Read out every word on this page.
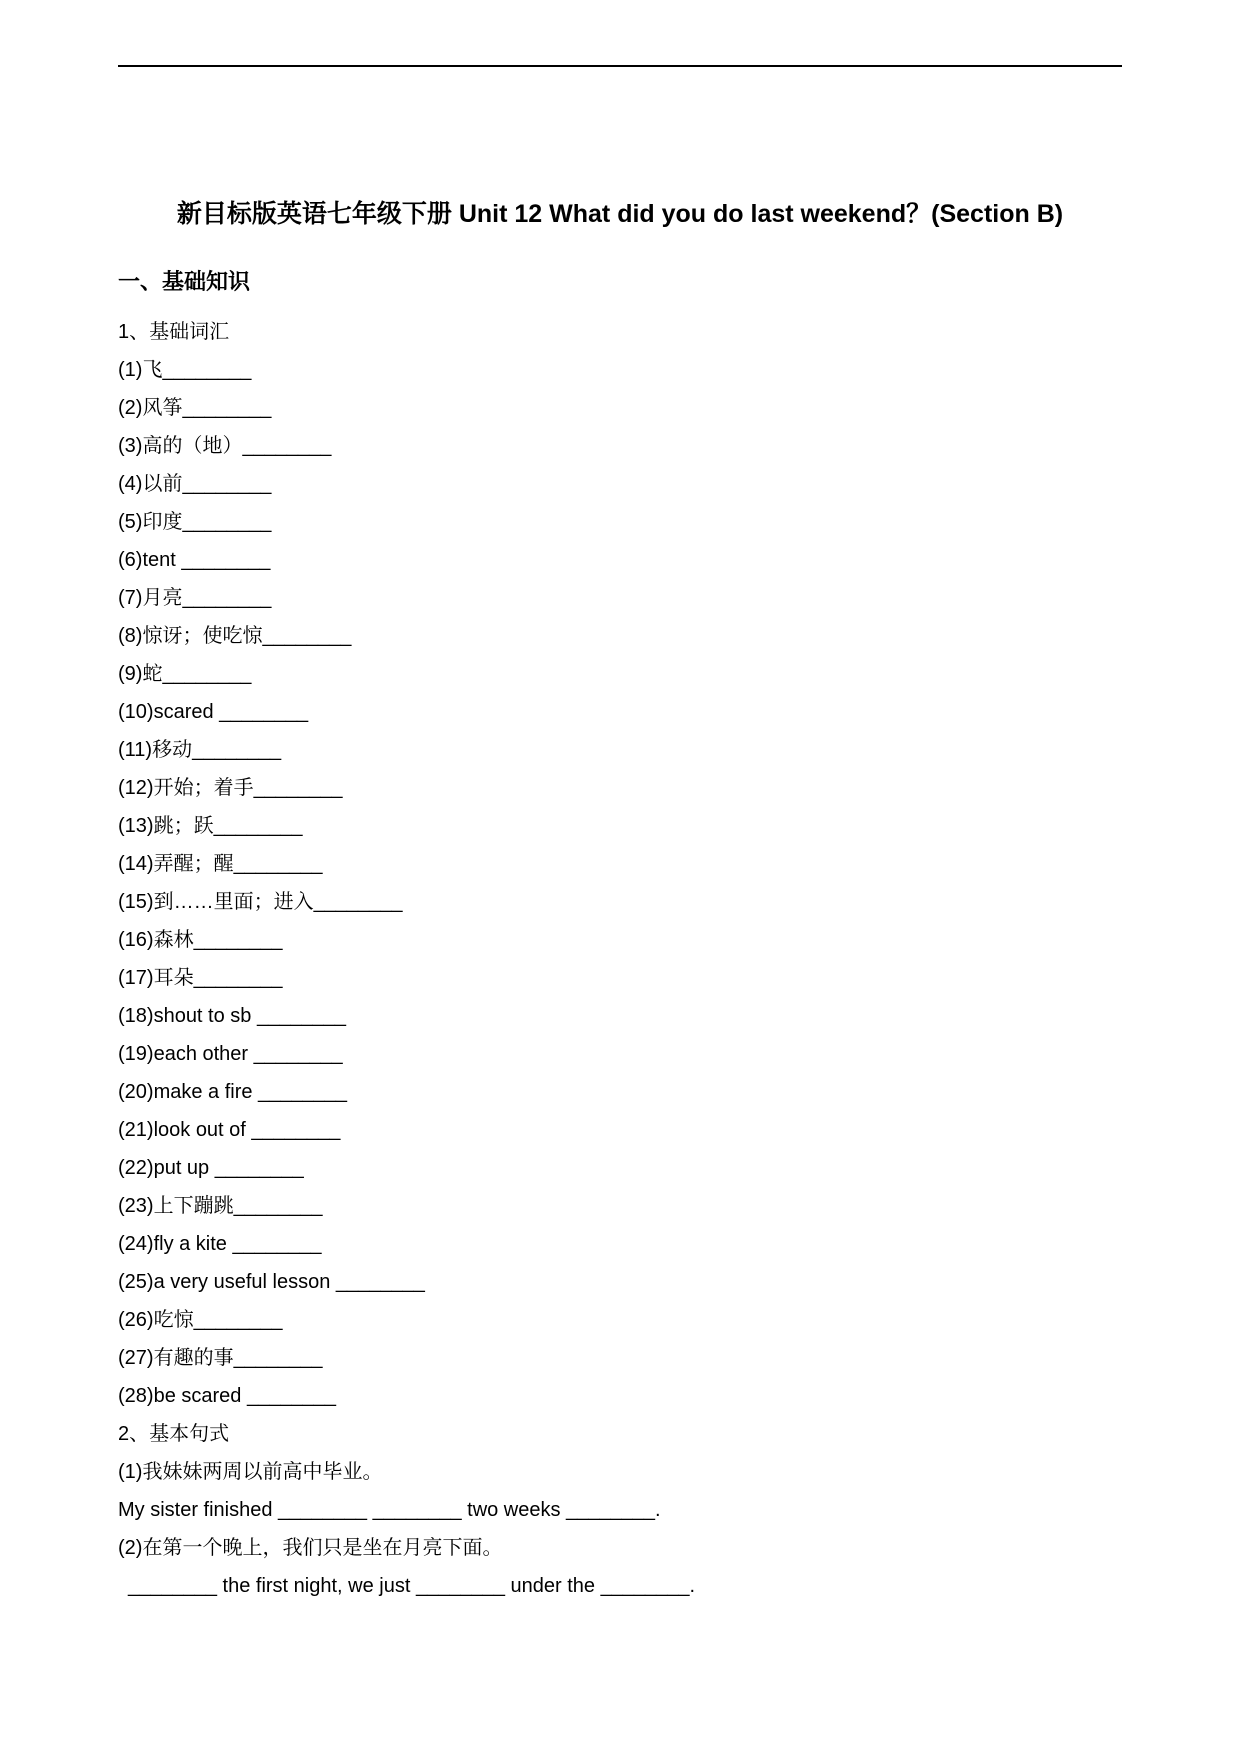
新目标版英语七年级下册 Unit 12 What did you do last weekend？(Section B)
一、基础知识
1、基础词汇
(1)飞________
(2)风筝________
(3)高的（地）________
(4)以前________
(5)印度________
(6)tent ________
(7)月亮________
(8)惊讶；使吃惊________
(9)蛇________
(10)scared ________
(11)移动________
(12)开始；着手________
(13)跳；跃________
(14)弄醒；醒________
(15)到……里面；进入________
(16)森林________
(17)耳朵________
(18)shout to sb ________
(19)each other ________
(20)make a fire ________
(21)look out of ________
(22)put up ________
(23)上下蹦跳________
(24)fly a kite ________
(25)a very useful lesson ________
(26)吃惊________
(27)有趣的事________
(28)be scared ________
2、基本句式
(1)我妹妹两周以前高中毕业。
My sister finished ________ ________ two weeks ________.
(2)在第一个晚上，我们只是坐在月亮下面。
________ the first night, we just ________ under the ________.
